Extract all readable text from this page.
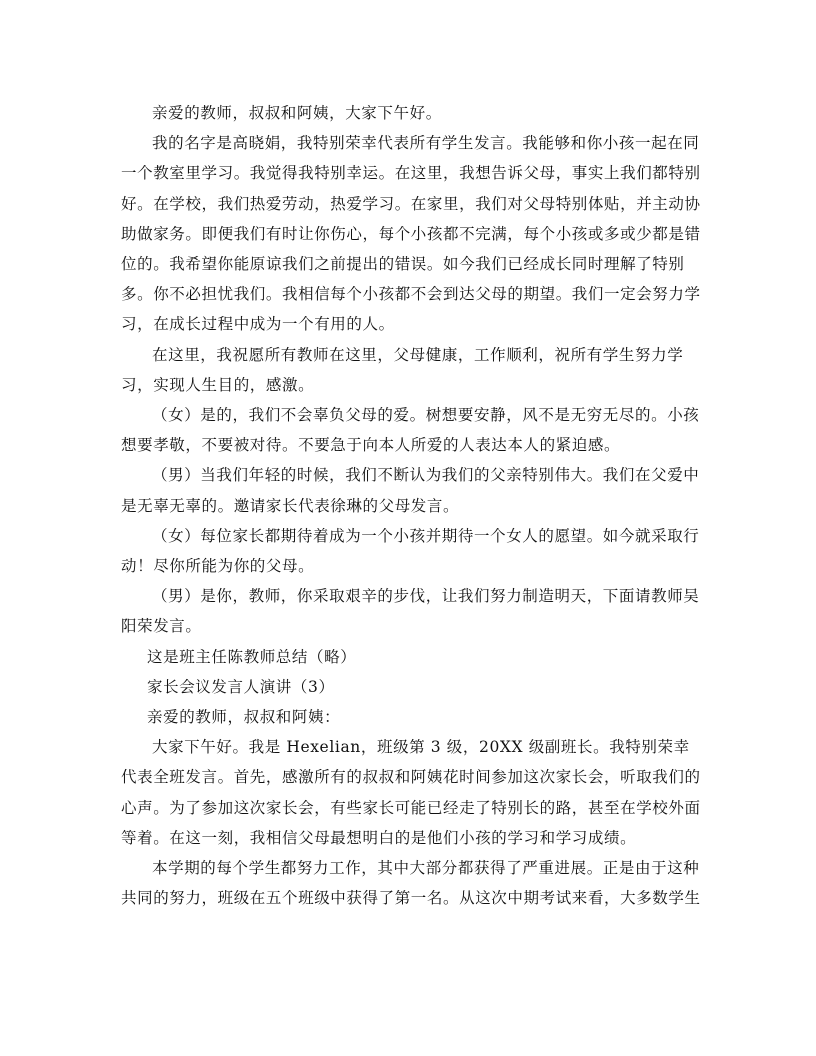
亲爱的教师，叔叔和阿姨，大家下午好。

我的名字是高晓娟，我特别荣幸代表所有学生发言。我能够和你小孩一起在同一个教室里学习。我觉得我特别幸运。在这里，我想告诉父母，事实上我们都特别好。在学校，我们热爱劳动，热爱学习。在家里，我们对父母特别体贴，并主动协助做家务。即便我们有时让你伤心，每个小孩都不完满，每个小孩或多或少都是错位的。我希望你能原谅我们之前提出的错误。如今我们已经成长同时理解了特别多。你不必担忧我们。我相信每个小孩都不会到达父母的期望。我们一定会努力学习，在成长过程中成为一个有用的人。

在这里，我祝愿所有教师在这里，父母健康，工作顺利，祝所有学生努力学习，实现人生目的，感激。

（女）是的，我们不会辜负父母的爱。树想要安静，风不是无穷无尽的。小孩想要孝敬，不要被对待。不要急于向本人所爱的人表达本人的紧迫感。

（男）当我们年轻的时候，我们不断认为我们的父亲特别伟大。我们在父爱中是无辜无辜的。邀请家长代表徐琳的父母发言。

（女）每位家长都期待着成为一个小孩并期待一个女人的愿望。如今就采取行动！尽你所能为你的父母。

（男）是你，教师，你采取艰辛的步伐，让我们努力制造明天，下面请教师吴阳荣发言。

这是班主任陈教师总结（略）

家长会议发言人演讲（3）

亲爱的教师，叔叔和阿姨：

大家下午好。我是 Hexelian，班级第 3 级，20XX 级副班长。我特别荣幸代表全班发言。首先，感激所有的叔叔和阿姨花时间参加这次家长会，听取我们的心声。为了参加这次家长会，有些家长可能已经走了特别长的路，甚至在学校外面等着。在这一刻，我相信父母最想明白的是他们小孩的学习和学习成绩。

本学期的每个学生都努力工作，其中大部分都获得了严重进展。正是由于这种共同的努力，班级在五个班级中获得了第一名。从这次中期考试来看，大多数学生
